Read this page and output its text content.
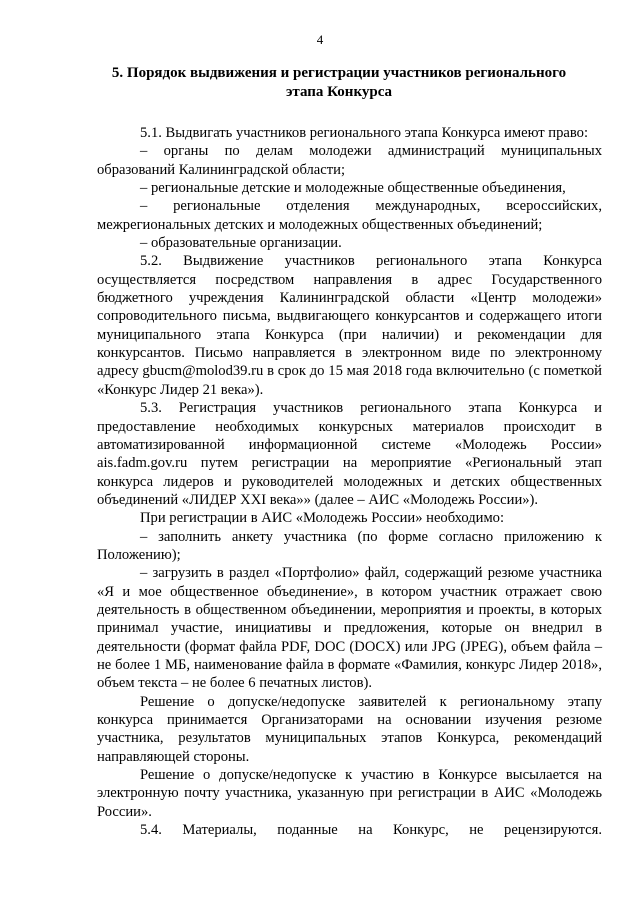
4
5. Порядок выдвижения и регистрации участников регионального
этапа Конкурса

5.1. Выдвигать участников регионального этапа Конкурса имеют право:

– органы по делам молодежи администраций муниципальных образований Калининградской области;

– региональные детские и молодежные общественные объединения,

– региональные отделения международных, всероссийских, межрегиональных детских и молодежных общественных объединений;

– образовательные организации.

5.2. Выдвижение участников регионального этапа Конкурса осуществляется посредством направления в адрес Государственного бюджетного учреждения Калининградской области «Центр молодежи» сопроводительного письма, выдвигающего конкурсантов и содержащего итоги муниципального этапа Конкурса (при наличии) и рекомендации для конкурсантов. Письмо направляется в электронном виде по электронному адресу gbucm@molod39.ru в срок до 15 мая 2018 года включительно (с пометкой «Конкурс Лидер 21 века»).

5.3. Регистрация участников регионального этапа Конкурса и предоставление необходимых конкурсных материалов происходит в автоматизированной информационной системе «Молодежь России» ais.fadm.gov.ru путем регистрации на мероприятие «Региональный этап конкурса лидеров и руководителей молодежных и детских общественных объединений «ЛИДЕР XXI века»» (далее – АИС «Молодежь России»).

При регистрации в АИС «Молодежь России» необходимо:

– заполнить анкету участника (по форме согласно приложению к Положению);

– загрузить в раздел «Портфолио» файл, содержащий резюме участника «Я и мое общественное объединение», в котором участник отражает свою деятельность в общественном объединении, мероприятия и проекты, в которых принимал участие, инициативы и предложения, которые он внедрил в деятельности (формат файла PDF, DOC (DOCX) или JPG (JPEG), объем файла – не более 1 МБ, наименование файла в формате «Фамилия, конкурс Лидер 2018», объем текста – не более 6 печатных листов).

Решение о допуске/недопуске заявителей к региональному этапу конкурса принимается Организаторами на основании изучения резюме участника, результатов муниципальных этапов Конкурса, рекомендаций направляющей стороны.

Решение о допуске/недопуске к участию в Конкурсе высылается на электронную почту участника, указанную при регистрации в АИС «Молодежь России».

5.4. Материалы, поданные на Конкурс, не рецензируются.
